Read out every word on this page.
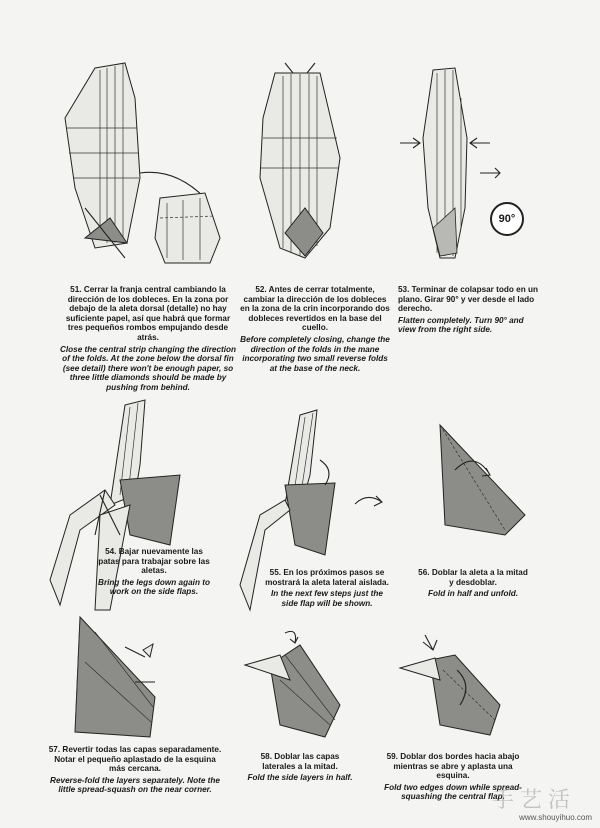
90°
51. Cerrar la franja central cambiando la dirección de los dobleces. En la zona por debajo de la aleta dorsal (detalle) no hay suficiente papel, así que habrá que formar tres pequeños rombos empujando desde atrás.
Close the central strip changing the direction of the folds. At the zone below the dorsal fin (see detail) there won't be enough paper, so three little diamonds should be made by pushing from behind.
52. Antes de cerrar totalmente, cambiar la dirección de los dobleces en la zona de la crin incorporando dos dobleces revertidos en la base del cuello.
Before completely closing, change the direction of the folds in the mane incorporating two small reverse folds at the base of the neck.
53. Terminar de colapsar todo en un plano. Girar 90° y ver desde el lado derecho.
Flatten completely. Turn 90° and view from the right side.
54. Bajar nuevamente las patas para trabajar sobre las aletas.
Bring the legs down again to work on the side flaps.
55. En los próximos pasos se mostrará la aleta lateral aislada.
In the next few steps just the side flap will be shown.
56. Doblar la aleta a la mitad y desdoblar.
Fold in half and unfold.
57. Revertir todas las capas separadamente. Notar el pequeño aplastado de la esquina más cercana.
Reverse-fold the layers separately. Note the little spread-squash on the near corner.
58. Doblar las capas laterales a la mitad.
Fold the side layers in half.
59. Doblar dos bordes hacia abajo mientras se abre y aplasta una esquina.
Fold two edges down while spread-squashing the central flap.
手艺活
www.shouyihuo.com
